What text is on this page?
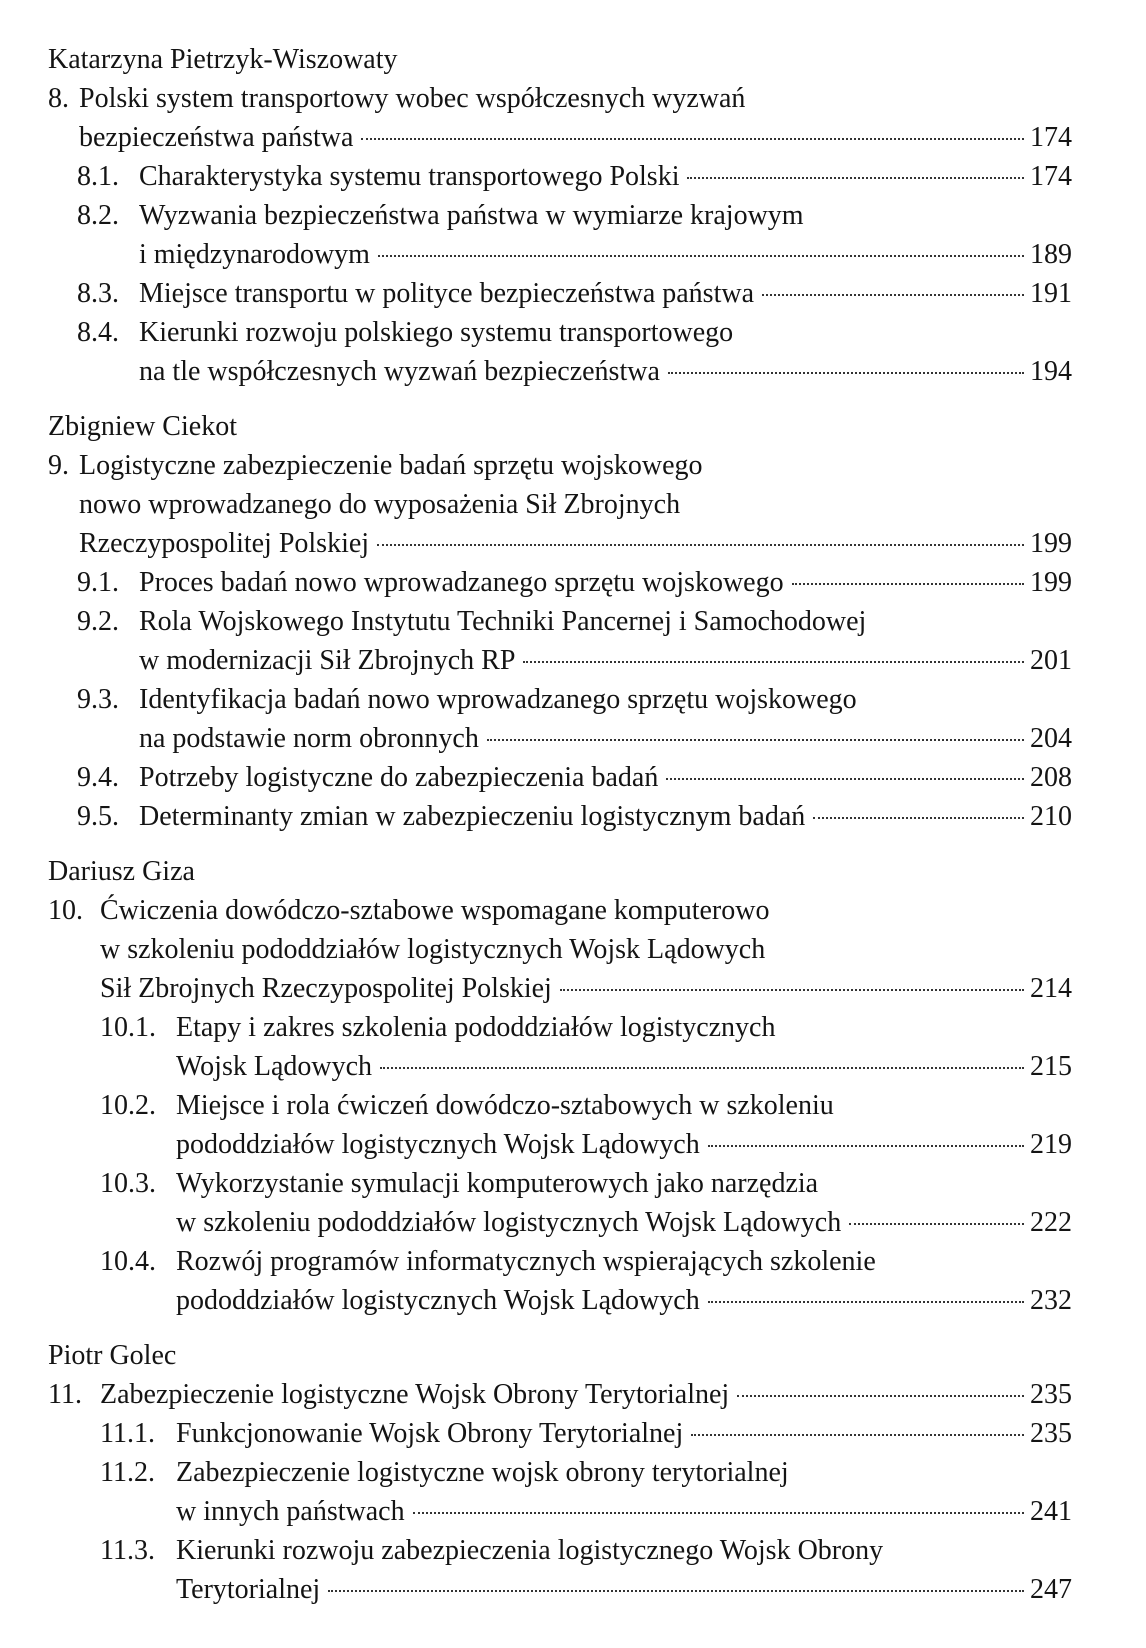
Katarzyna Pietrzyk-Wiszowaty
8. Polski system transportowy wobec współczesnych wyzwań
bezpieczeństwa państwa	174
8.1. Charakterystyka systemu transportowego Polski	174
8.2. Wyzwania bezpieczeństwa państwa w wymiarze krajowym
i międzynarodowym	189
8.3. Miejsce transportu w polityce bezpieczeństwa państwa	191
8.4. Kierunki rozwoju polskiego systemu transportowego
na tle współczesnych wyzwań bezpieczeństwa	194
Zbigniew Ciekot
9. Logistyczne zabezpieczenie badań sprzętu wojskowego
nowo wprowadzanego do wyposażenia Sił Zbrojnych
Rzeczypospolitej Polskiej	199
9.1. Proces badań nowo wprowadzanego sprzętu wojskowego	199
9.2. Rola Wojskowego Instytutu Techniki Pancernej i Samochodowej
w modernizacji Sił Zbrojnych RP	201
9.3. Identyfikacja badań nowo wprowadzanego sprzętu wojskowego
na podstawie norm obronnych	204
9.4. Potrzeby logistyczne do zabezpieczenia badań	208
9.5. Determinanty zmian w zabezpieczeniu logistycznym badań	210
Dariusz Giza
10. Ćwiczenia dowódczo-sztabowe wspomagane komputerowo
w szkoleniu pododdziałów logistycznych Wojsk Lądowych
Sił Zbrojnych Rzeczypospolitej Polskiej	214
10.1. Etapy i zakres szkolenia pododdziałów logistycznych
Wojsk Lądowych	215
10.2. Miejsce i rola ćwiczeń dowódczo-sztabowych w szkoleniu
pododdziałów logistycznych Wojsk Lądowych	219
10.3. Wykorzystanie symulacji komputerowych jako narzędzia
w szkoleniu pododdziałów logistycznych Wojsk Lądowych	222
10.4. Rozwój programów informatycznych wspierających szkolenie
pododdziałów logistycznych Wojsk Lądowych	232
Piotr Golec
11. Zabezpieczenie logistyczne Wojsk Obrony Terytorialnej	235
11.1. Funkcjonowanie Wojsk Obrony Terytorialnej	235
11.2. Zabezpieczenie logistyczne wojsk obrony terytorialnej
w innych państwach	241
11.3. Kierunki rozwoju zabezpieczenia logistycznego Wojsk Obrony
Terytorialnej	247
